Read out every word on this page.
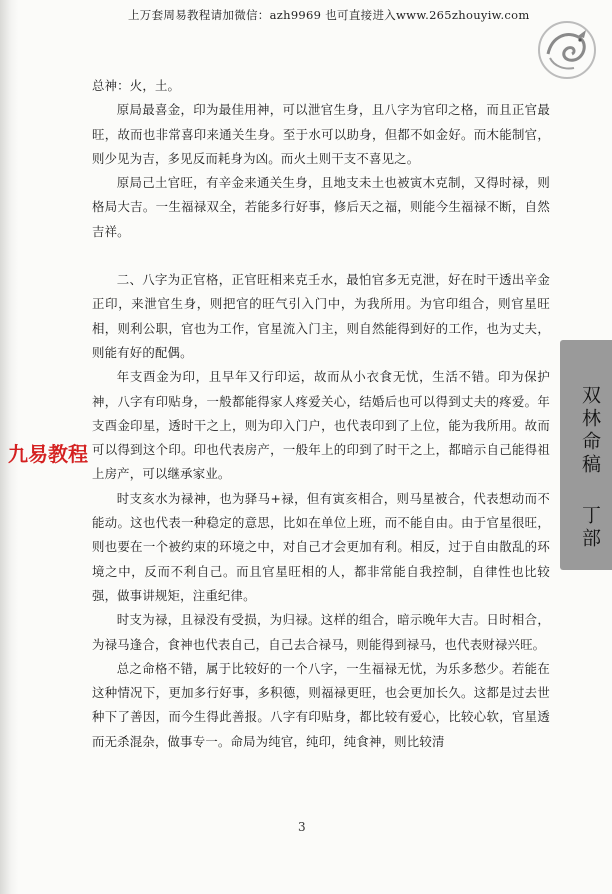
上万套周易教程请加微信：azh9969 也可直接进入www.265zhouyiw.com
双林命稿
丁部
九易教程

总神：火，土。

原局最喜金，印为最佳用神，可以泄官生身，且八字为官印之格，而且正官最旺，故而也非常喜印来通关生身。至于水可以助身，但都不如金好。而木能制官，则少见为吉，多见反而耗身为凶。而火土则干支不喜见之。

原局己土官旺，有辛金来通关生身，且地支未土也被寅木克制，又得时禄，则格局大吉。一生福禄双全，若能多行好事，修后天之福，则能今生福禄不断，自然吉祥。

二、八字为正官格，正官旺相来克壬水，最怕官多无克泄，好在时干透出辛金正印，来泄官生身，则把官的旺气引入门中，为我所用。为官印组合，则官星旺相，则利公职，官也为工作，官星流入门主，则自然能得到好的工作，也为丈夫，则能有好的配偶。

年支酉金为印，且早年又行印运，故而从小衣食无忧，生活不错。印为保护神，八字有印贴身，一般都能得家人疼爱关心，结婚后也可以得到丈夫的疼爱。年支酉金印星，透时干之上，则为印入门户，也代表印到了上位，能为我所用。故而可以得到这个印。印也代表房产，一般年上的印到了时干之上，都暗示自己能得祖上房产，可以继承家业。

时支亥水为禄神，也为驿马+禄，但有寅亥相合，则马星被合，代表想动而不能动。这也代表一种稳定的意思，比如在单位上班，而不能自由。由于官星很旺，则也要在一个被约束的环境之中，对自己才会更加有利。相反，过于自由散乱的环境之中，反而不利自己。而且官星旺相的人，都非常能自我控制，自律性也比较强，做事讲规矩，注重纪律。

时支为禄，且禄没有受损，为归禄。这样的组合，暗示晚年大吉。日时相合，为禄马逢合，食神也代表自己，自己去合禄马，则能得到禄马，也代表财禄兴旺。

总之命格不错，属于比较好的一个八字，一生福禄无忧，为乐多愁少。若能在这种情况下，更加多行好事，多积德，则福禄更旺，也会更加长久。这都是过去世种下了善因，而今生得此善报。八字有印贴身，都比较有爱心，比较心软，官星透而无杀混杂，做事专一。命局为纯官，纯印，纯食神，则比较清

3
